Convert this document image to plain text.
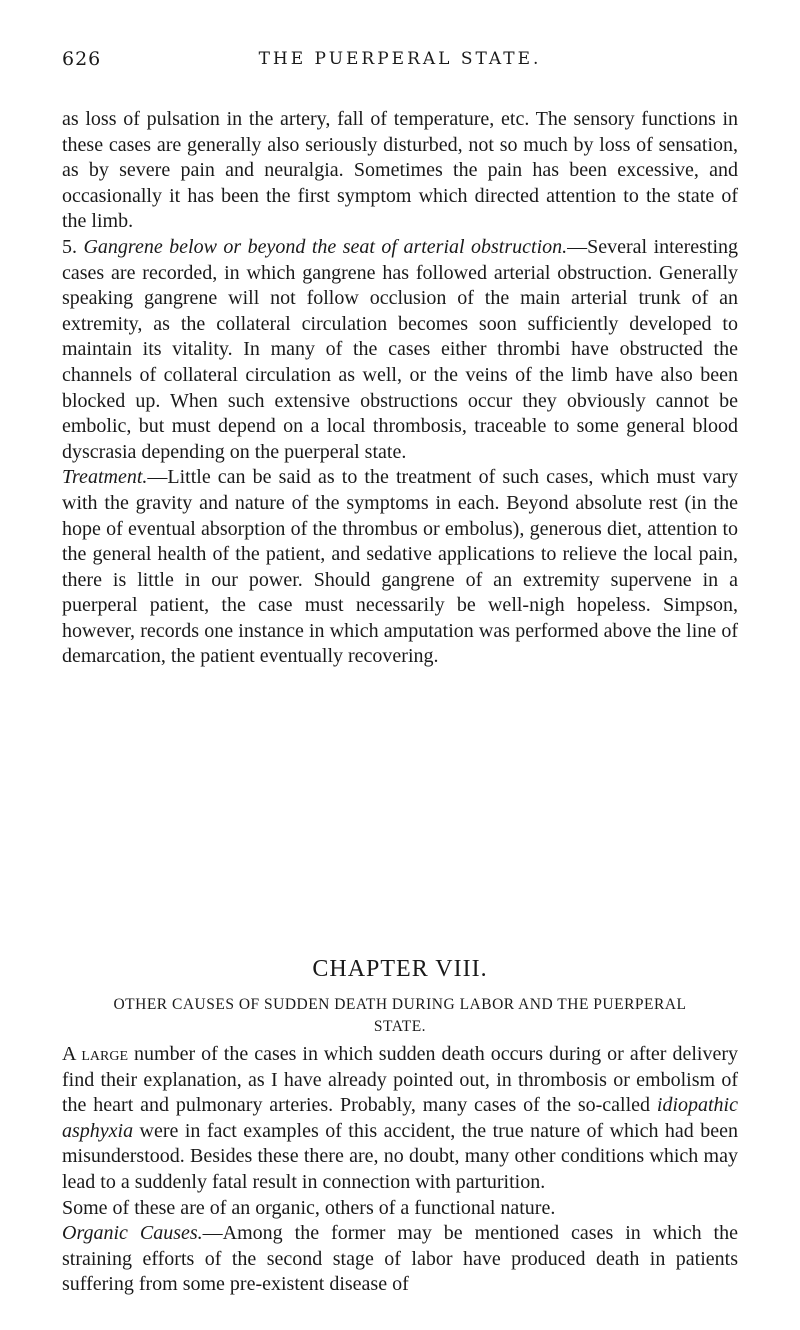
626	THE PUERPERAL STATE.

as loss of pulsation in the artery, fall of temperature, etc. The sensory functions in these cases are generally also seriously disturbed, not so much by loss of sensation, as by severe pain and neuralgia. Sometimes the pain has been excessive, and occasionally it has been the first symptom which directed attention to the state of the limb.

5. Gangrene below or beyond the seat of arterial obstruction.—Several interesting cases are recorded, in which gangrene has followed arterial obstruction. Generally speaking gangrene will not follow occlusion of the main arterial trunk of an extremity, as the collateral circulation becomes soon sufficiently developed to maintain its vitality. In many of the cases either thrombi have obstructed the channels of collateral circulation as well, or the veins of the limb have also been blocked up. When such extensive obstructions occur they obviously cannot be embolic, but must depend on a local thrombosis, traceable to some general blood dyscrasia depending on the puerperal state.

Treatment.—Little can be said as to the treatment of such cases, which must vary with the gravity and nature of the symptoms in each. Beyond absolute rest (in the hope of eventual absorption of the thrombus or embolus), generous diet, attention to the general health of the patient, and sedative applications to relieve the local pain, there is little in our power. Should gangrene of an extremity supervene in a puerperal patient, the case must necessarily be well-nigh hopeless. Simpson, however, records one instance in which amputation was performed above the line of demarcation, the patient eventually recovering.

CHAPTER VIII.
OTHER CAUSES OF SUDDEN DEATH DURING LABOR AND THE PUERPERAL STATE.

A large number of the cases in which sudden death occurs during or after delivery find their explanation, as I have already pointed out, in thrombosis or embolism of the heart and pulmonary arteries. Probably, many cases of the so-called idiopathic asphyxia were in fact examples of this accident, the true nature of which had been misunderstood. Besides these there are, no doubt, many other conditions which may lead to a suddenly fatal result in connection with parturition.

Some of these are of an organic, others of a functional nature.

Organic Causes.—Among the former may be mentioned cases in which the straining efforts of the second stage of labor have produced death in patients suffering from some pre-existent disease of
